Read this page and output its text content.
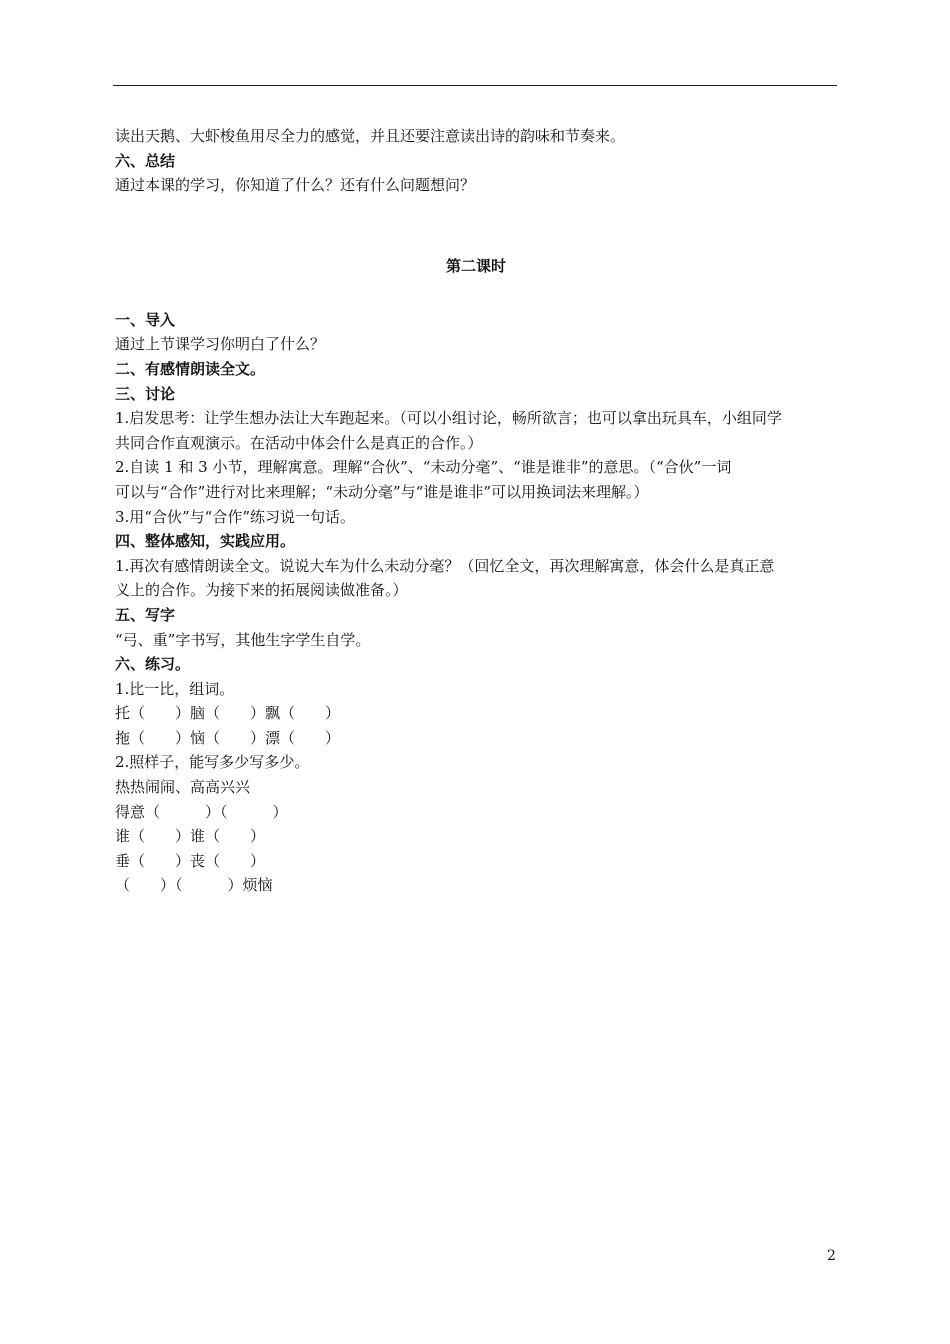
读出天鹅、大虾梭鱼用尽全力的感觉，并且还要注意读出诗的韵味和节奏来。
六、总结
通过本课的学习，你知道了什么？还有什么问题想问？
第二课时
一、导入
通过上节课学习你明白了什么？
二、有感情朗读全文。
三、讨论
1.启发思考：让学生想办法让大车跑起来。（可以小组讨论，畅所欲言；也可以拿出玩具车，小组同学
共同合作直观演示。在活动中体会什么是真正的合作。）
2.自读 1 和 3 小节，理解寓意。理解“合伙”、“未动分毫”、“谁是谁非”的意思。（“合伙”一词
可以与“合作”进行对比来理解；“未动分毫”与“谁是谁非”可以用换词法来理解。）
3.用“合伙”与“合作”练习说一句话。
四、整体感知，实践应用。
1.再次有感情朗读全文。说说大车为什么未动分毫？（回忆全文，再次理解寓意，体会什么是真正意
义上的合作。为接下来的拓展阅读做准备。）
五、写字
“弓、重”字书写，其他生字学生自学。
六、练习。
1.比一比，组词。
托（　　）脑（　　）飘（　　）
拖（　　）恼（　　）漂（　　）
2.照样子，能写多少写多少。
热热闹闹、高高兴兴
得意（　　　）（　　　）
谁（　　）谁（　　）
垂（　　）丧（　　）
（　　）（　　　）烦恼
2
